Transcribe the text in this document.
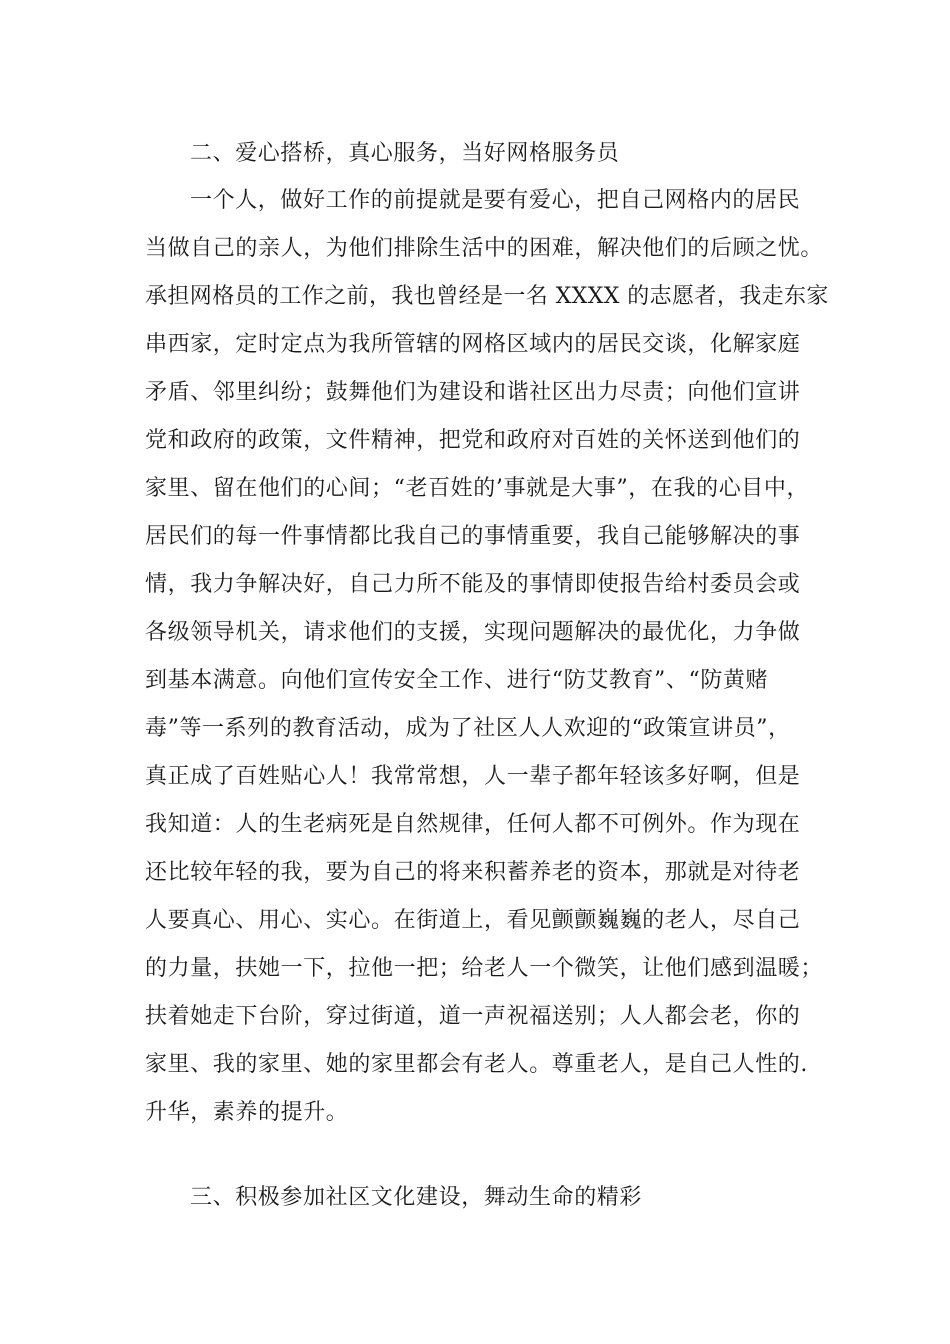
二、爱心搭桥，真心服务，当好网格服务员
一个人，做好工作的前提就是要有爱心，把自己网格内的居民
当做自己的亲人，为他们排除生活中的困难，解决他们的后顾之忧。
承担网格员的工作之前，我也曾经是一名 XXXX 的志愿者，我走东家
串西家，定时定点为我所管辖的网格区域内的居民交谈，化解家庭
矛盾、邻里纠纷；鼓舞他们为建设和谐社区出力尽责；向他们宣讲
党和政府的政策，文件精神，把党和政府对百姓的关怀送到他们的
家里、留在他们的心间；“老百姓的’事就是大事”，在我的心目中，
居民们的每一件事情都比我自己的事情重要，我自己能够解决的事
情，我力争解决好，自己力所不能及的事情即使报告给村委员会或
各级领导机关，请求他们的支援，实现问题解决的最优化，力争做
到基本满意。向他们宣传安全工作、进行“防艾教育”、“防黄赌
毒”等一系列的教育活动，成为了社区人人欢迎的“政策宣讲员”，
真正成了百姓贴心人！我常常想，人一辈子都年轻该多好啊，但是
我知道：人的生老病死是自然规律，任何人都不可例外。作为现在
还比较年轻的我，要为自己的将来积蓄养老的资本，那就是对待老
人要真心、用心、实心。在街道上，看见颤颤巍巍的老人，尽自己
的力量，扶她一下，拉他一把；给老人一个微笑，让他们感到温暖；
扶着她走下台阶，穿过街道，道一声祝福送别；人人都会老，你的
家里、我的家里、她的家里都会有老人。尊重老人，是自己人性的.
升华，素养的提升。
三、积极参加社区文化建设，舞动生命的精彩
